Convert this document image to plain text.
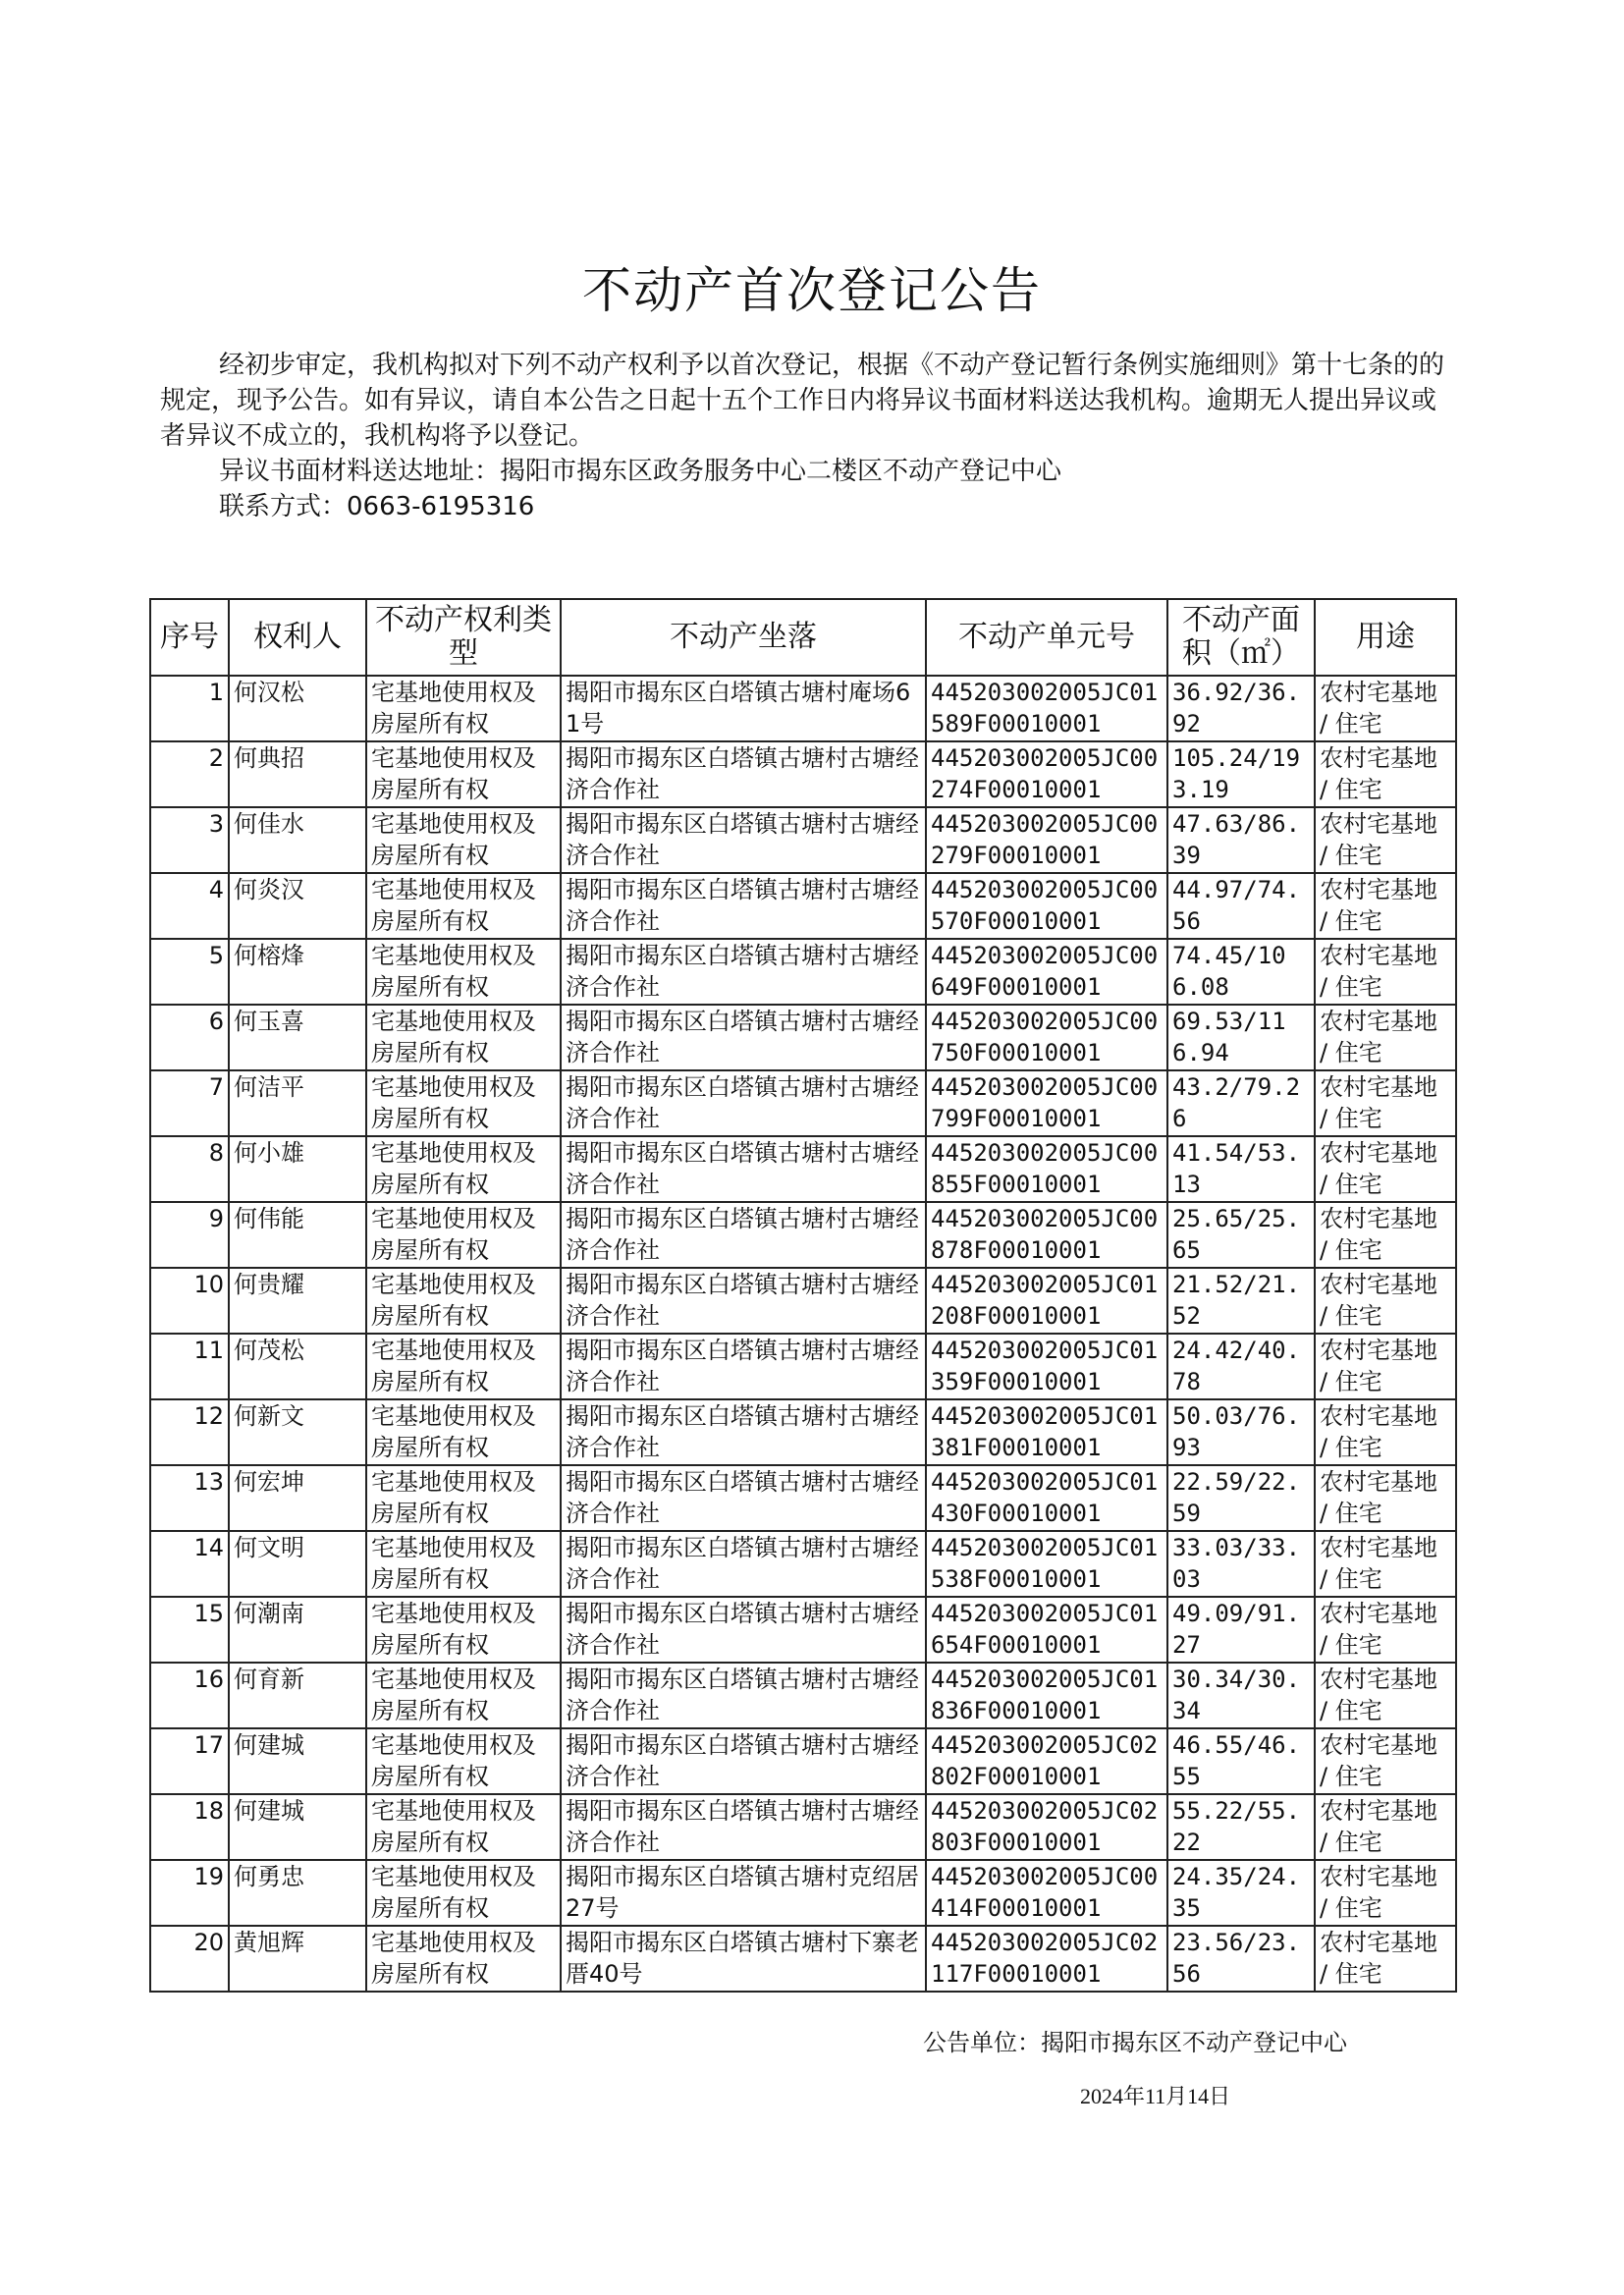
不动产首次登记公告

经初步审定，我机构拟对下列不动产权利予以首次登记，根据《不动产登记暂行条例实施细则》第十七条的的规定，现予公告。如有异议，请自本公告之日起十五个工作日内将异议书面材料送达我机构。逾期无人提出异议或者异议不成立的，我机构将予以登记。

异议书面材料送达地址：揭阳市揭东区政务服务中心二楼区不动产登记中心

联系方式：0663-6195316

序号	权利人	不动产权利类型	不动产坐落	不动产单元号	不动产面积（㎡）	用途
1	何汉松	宅基地使用权及房屋所有权	揭阳市揭东区白塔镇古塘村庵场61号	445203002005JC01589F00010001	36.92/36.92	农村宅基地 / 住宅
2	何典招	宅基地使用权及房屋所有权	揭阳市揭东区白塔镇古塘村古塘经济合作社	445203002005JC00274F00010001	105.24/193.19	农村宅基地 / 住宅
3	何佳水	宅基地使用权及房屋所有权	揭阳市揭东区白塔镇古塘村古塘经济合作社	445203002005JC00279F00010001	47.63/86.39	农村宅基地 / 住宅
4	何炎汉	宅基地使用权及房屋所有权	揭阳市揭东区白塔镇古塘村古塘经济合作社	445203002005JC00570F00010001	44.97/74.56	农村宅基地 / 住宅
5	何榕烽	宅基地使用权及房屋所有权	揭阳市揭东区白塔镇古塘村古塘经济合作社	445203002005JC00649F00010001	74.45/106.08	农村宅基地 / 住宅
6	何玉喜	宅基地使用权及房屋所有权	揭阳市揭东区白塔镇古塘村古塘经济合作社	445203002005JC00750F00010001	69.53/116.94	农村宅基地 / 住宅
7	何洁平	宅基地使用权及房屋所有权	揭阳市揭东区白塔镇古塘村古塘经济合作社	445203002005JC00799F00010001	43.2/79.26	农村宅基地 / 住宅
8	何小雄	宅基地使用权及房屋所有权	揭阳市揭东区白塔镇古塘村古塘经济合作社	445203002005JC00855F00010001	41.54/53.13	农村宅基地 / 住宅
9	何伟能	宅基地使用权及房屋所有权	揭阳市揭东区白塔镇古塘村古塘经济合作社	445203002005JC00878F00010001	25.65/25.65	农村宅基地 / 住宅
10	何贵耀	宅基地使用权及房屋所有权	揭阳市揭东区白塔镇古塘村古塘经济合作社	445203002005JC01208F00010001	21.52/21.52	农村宅基地 / 住宅
11	何茂松	宅基地使用权及房屋所有权	揭阳市揭东区白塔镇古塘村古塘经济合作社	445203002005JC01359F00010001	24.42/40.78	农村宅基地 / 住宅
12	何新文	宅基地使用权及房屋所有权	揭阳市揭东区白塔镇古塘村古塘经济合作社	445203002005JC01381F00010001	50.03/76.93	农村宅基地 / 住宅
13	何宏坤	宅基地使用权及房屋所有权	揭阳市揭东区白塔镇古塘村古塘经济合作社	445203002005JC01430F00010001	22.59/22.59	农村宅基地 / 住宅
14	何文明	宅基地使用权及房屋所有权	揭阳市揭东区白塔镇古塘村古塘经济合作社	445203002005JC01538F00010001	33.03/33.03	农村宅基地 / 住宅
15	何潮南	宅基地使用权及房屋所有权	揭阳市揭东区白塔镇古塘村古塘经济合作社	445203002005JC01654F00010001	49.09/91.27	农村宅基地 / 住宅
16	何育新	宅基地使用权及房屋所有权	揭阳市揭东区白塔镇古塘村古塘经济合作社	445203002005JC01836F00010001	30.34/30.34	农村宅基地 / 住宅
17	何建城	宅基地使用权及房屋所有权	揭阳市揭东区白塔镇古塘村古塘经济合作社	445203002005JC02802F00010001	46.55/46.55	农村宅基地 / 住宅
18	何建城	宅基地使用权及房屋所有权	揭阳市揭东区白塔镇古塘村古塘经济合作社	445203002005JC02803F00010001	55.22/55.22	农村宅基地 / 住宅
19	何勇忠	宅基地使用权及房屋所有权	揭阳市揭东区白塔镇古塘村克绍居27号	445203002005JC00414F00010001	24.35/24.35	农村宅基地 / 住宅
20	黄旭辉	宅基地使用权及房屋所有权	揭阳市揭东区白塔镇古塘村下寨老厝40号	445203002005JC02117F00010001	23.56/23.56	农村宅基地 / 住宅
公告单位：揭阳市揭东区不动产登记中心
2024年11月14日
